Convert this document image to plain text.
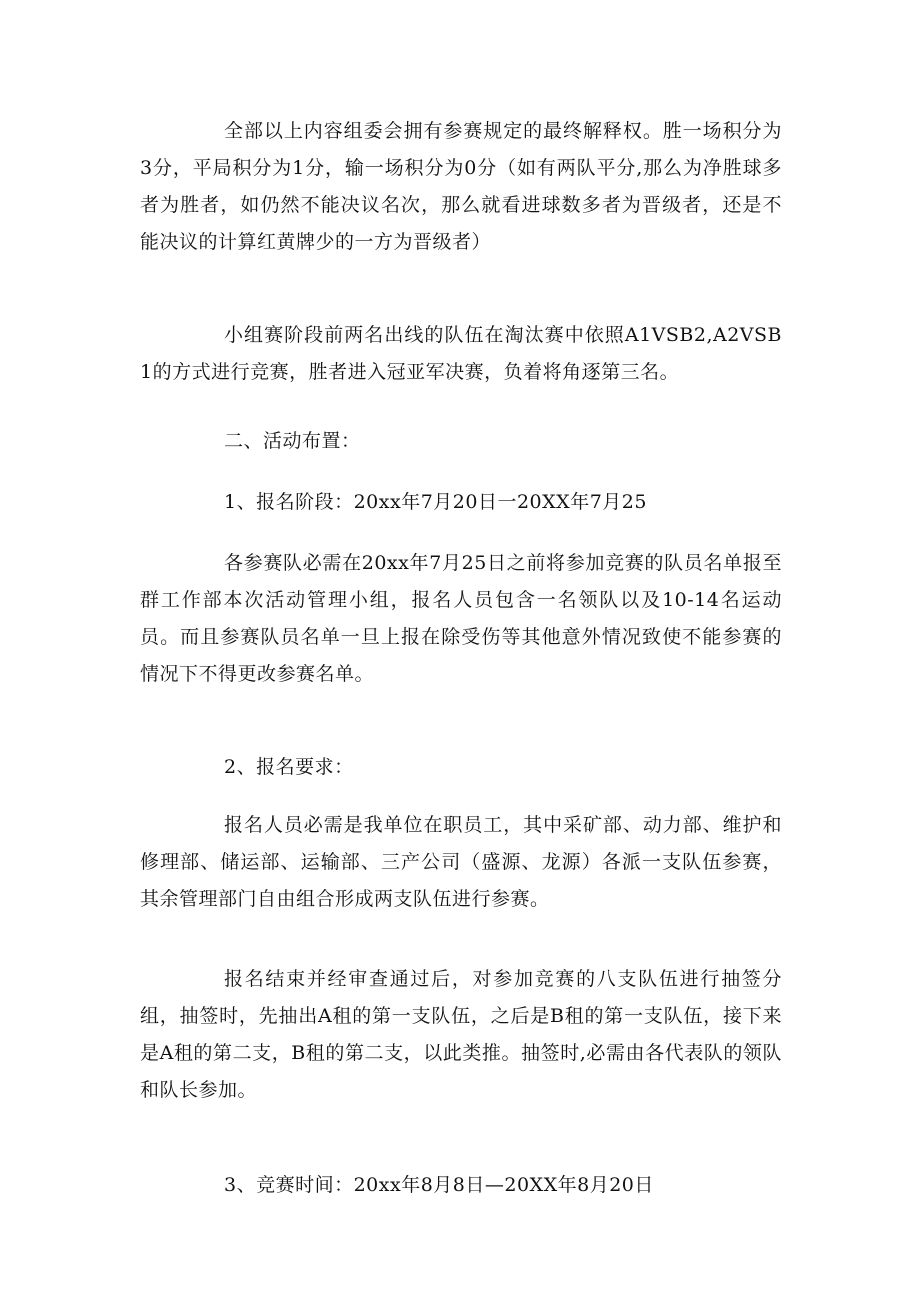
全部以上内容组委会拥有参赛规定的最终解释权。胜一场积分为3分，平局积分为1分，输一场积分为0分（如有两队平分,那么为净胜球多者为胜者，如仍然不能决议名次，那么就看进球数多者为晋级者，还是不能决议的计算红黄牌少的一方为晋级者）

小组赛阶段前两名出线的队伍在淘汰赛中依照A1VSB2,A2VSB1的方式进行竞赛，胜者进入冠亚军决赛，负着将角逐第三名。

二、活动布置：

1、报名阶段：20xx年7月20日一20XX年7月25

各参赛队必需在20xx年7月25日之前将参加竞赛的队员名单报至群工作部本次活动管理小组，报名人员包含一名领队以及10-14名运动员。而且参赛队员名单一旦上报在除受伤等其他意外情况致使不能参赛的情况下不得更改参赛名单。

2、报名要求：

报名人员必需是我单位在职员工，其中采矿部、动力部、维护和修理部、储运部、运输部、三产公司（盛源、龙源）各派一支队伍参赛，其余管理部门自由组合形成两支队伍进行参赛。

报名结束并经审查通过后，对参加竞赛的八支队伍进行抽签分组，抽签时，先抽出A租的第一支队伍，之后是B租的第一支队伍，接下来是A租的第二支，B租的第二支，以此类推。抽签时,必需由各代表队的领队和队长参加。

3、竞赛时间：20xx年8月8日—20XX年8月20日
